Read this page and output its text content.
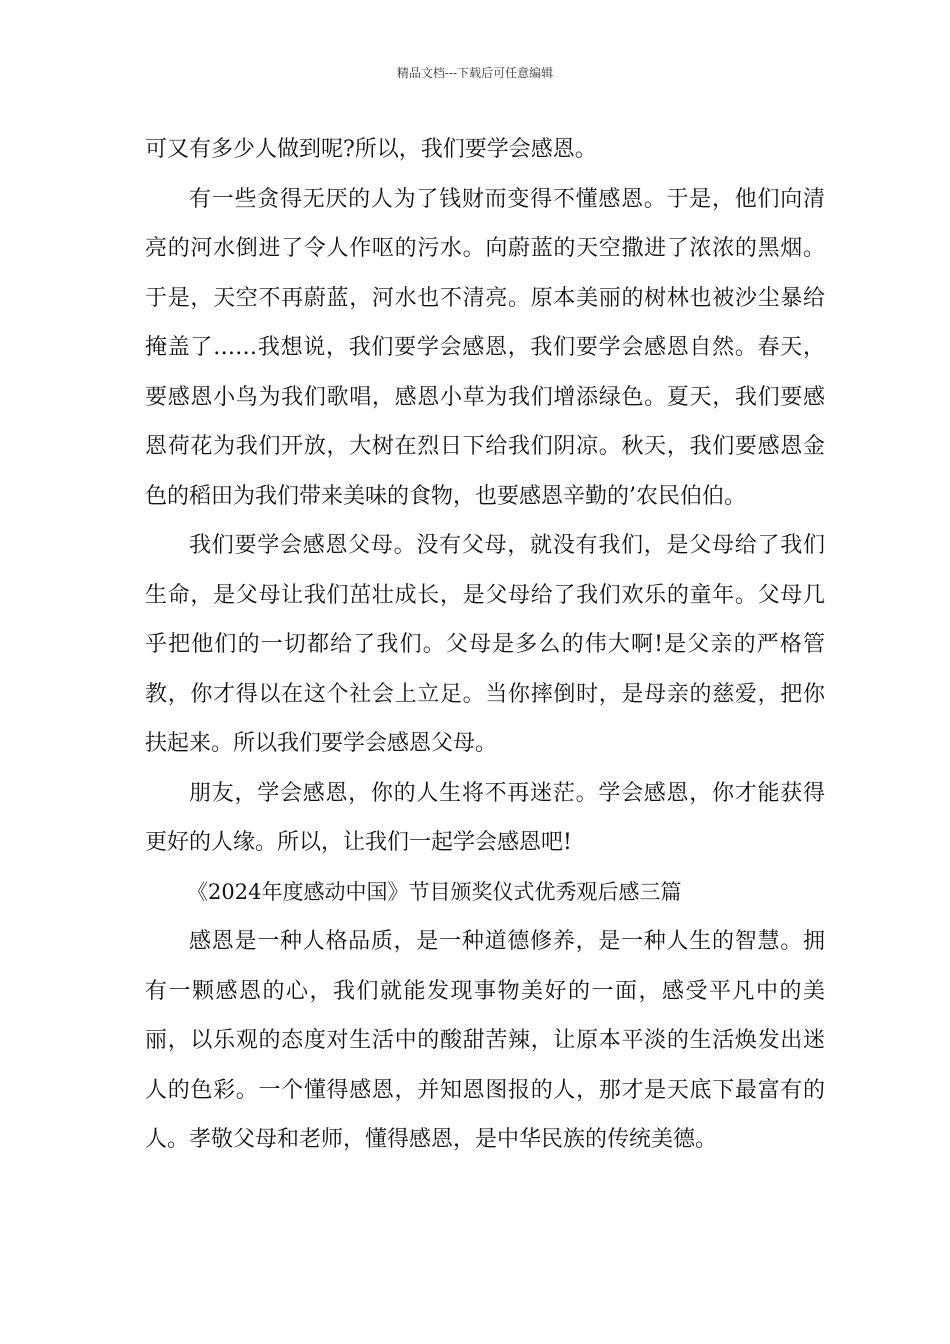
精品文档---下载后可任意编辑

可又有多少人做到呢?所以，我们要学会感恩。

有一些贪得无厌的人为了钱财而变得不懂感恩。于是，他们向清亮的河水倒进了令人作呕的污水。向蔚蓝的天空撒进了浓浓的黑烟。于是，天空不再蔚蓝，河水也不清亮。原本美丽的树林也被沙尘暴给掩盖了……我想说，我们要学会感恩，我们要学会感恩自然。春天，要感恩小鸟为我们歌唱，感恩小草为我们增添绿色。夏天，我们要感恩荷花为我们开放，大树在烈日下给我们阴凉。秋天，我们要感恩金色的稻田为我们带来美味的食物，也要感恩辛勤的’农民伯伯。

我们要学会感恩父母。没有父母，就没有我们，是父母给了我们生命，是父母让我们茁壮成长，是父母给了我们欢乐的童年。父母几乎把他们的一切都给了我们。父母是多么的伟大啊!是父亲的严格管教，你才得以在这个社会上立足。当你摔倒时，是母亲的慈爱，把你扶起来。所以我们要学会感恩父母。

朋友，学会感恩，你的人生将不再迷茫。学会感恩，你才能获得更好的人缘。所以，让我们一起学会感恩吧!

《2024年度感动中国》节目颁奖仪式优秀观后感三篇

感恩是一种人格品质，是一种道德修养，是一种人生的智慧。拥有一颗感恩的心，我们就能发现事物美好的一面，感受平凡中的美丽，以乐观的态度对生活中的酸甜苦辣，让原本平淡的生活焕发出迷人的色彩。一个懂得感恩，并知恩图报的人，那才是天底下最富有的人。孝敬父母和老师，懂得感恩，是中华民族的传统美德。
